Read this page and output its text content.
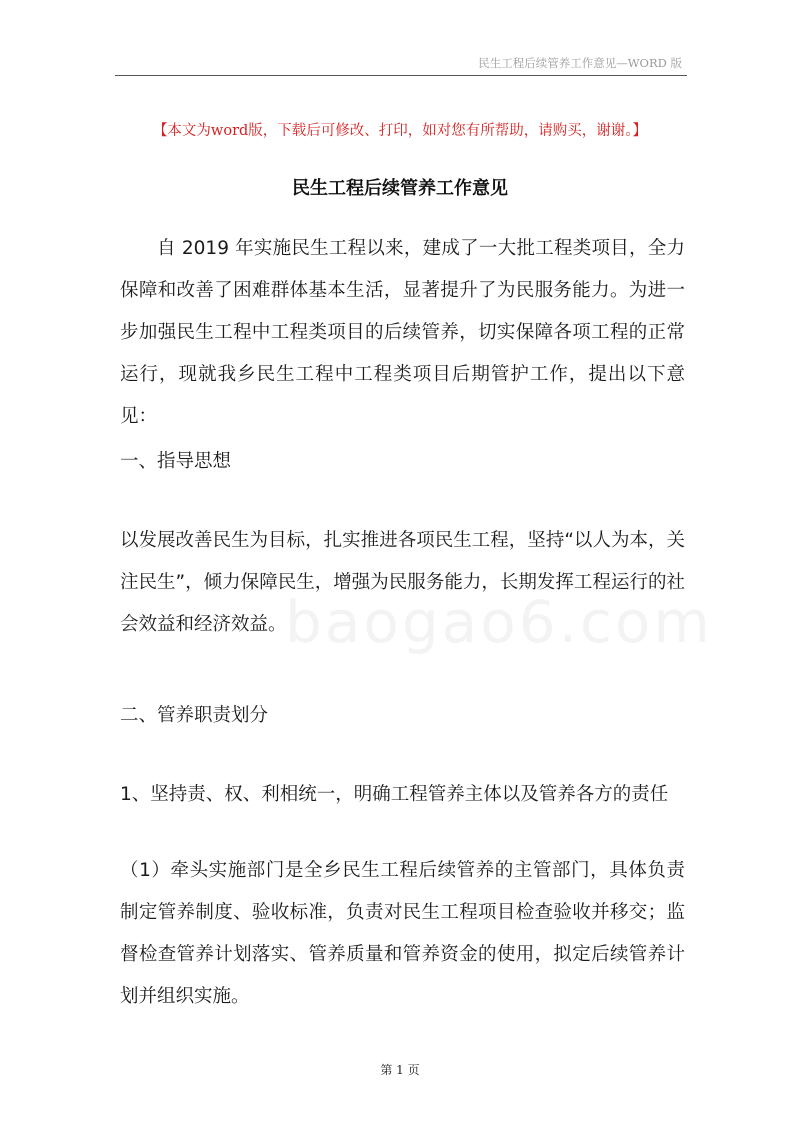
民生工程后续管养工作意见—WORD 版
【本文为word版，下载后可修改、打印，如对您有所帮助，请购买，谢谢。】
民生工程后续管养工作意见
baogao6.com
自 2019 年实施民生工程以来，建成了一大批工程类项目，全力保障和改善了困难群体基本生活，显著提升了为民服务能力。为进一步加强民生工程中工程类项目的后续管养，切实保障各项工程的正常运行，现就我乡民生工程中工程类项目后期管护工作，提出以下意见：
一、指导思想
以发展改善民生为目标，扎实推进各项民生工程，坚持“以人为本，关注民生”，倾力保障民生，增强为民服务能力，长期发挥工程运行的社会效益和经济效益。
二、管养职责划分
1、坚持责、权、利相统一，明确工程管养主体以及管养各方的责任
（1）牵头实施部门是全乡民生工程后续管养的主管部门，具体负责制定管养制度、验收标准，负责对民生工程项目检查验收并移交；监督检查管养计划落实、管养质量和管养资金的使用，拟定后续管养计划并组织实施。
第 1 页
